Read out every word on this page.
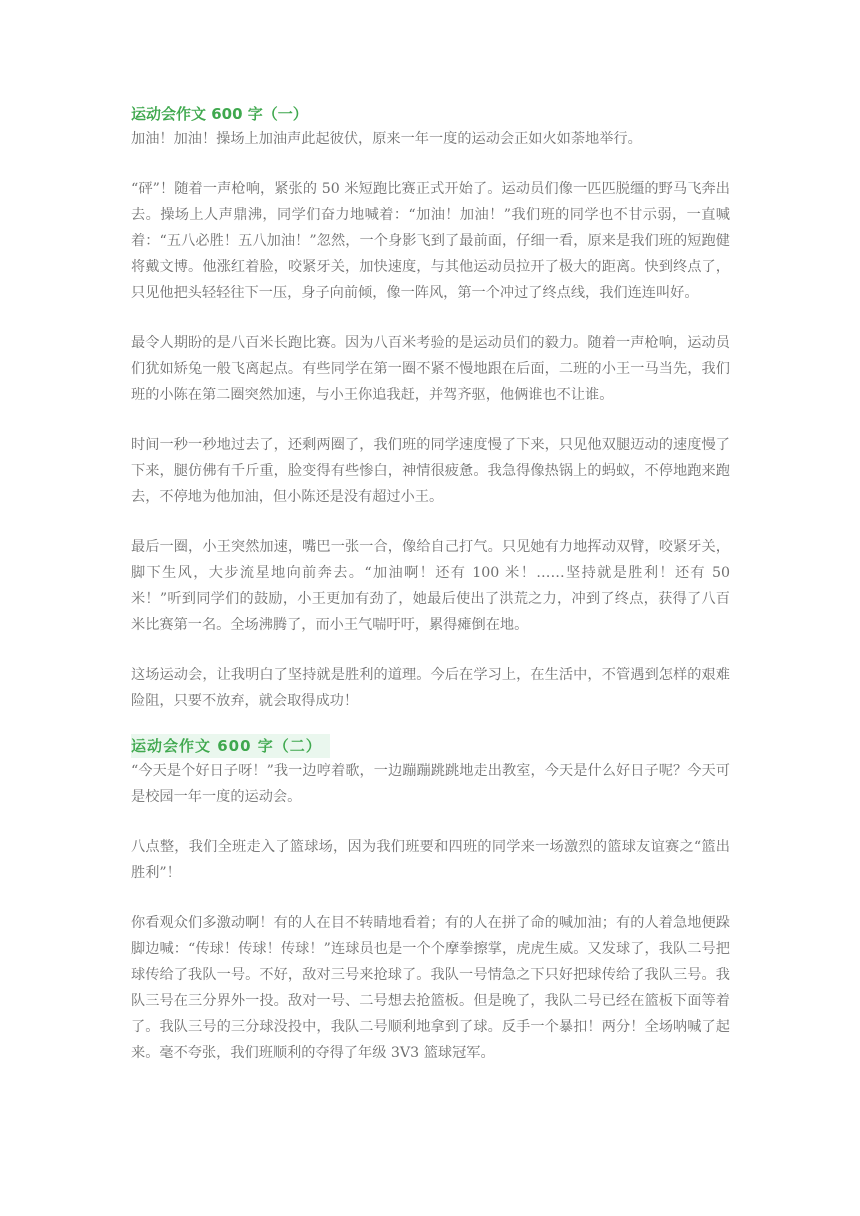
运动会作文 600 字（一）

加油！加油！操场上加油声此起彼伏，原来一年一度的运动会正如火如荼地举行。

“砰”！随着一声枪响，紧张的 50 米短跑比赛正式开始了。运动员们像一匹匹脱缰的野马飞奔出去。操场上人声鼎沸，同学们奋力地喊着：“加油！加油！”我们班的同学也不甘示弱，一直喊着：“五八必胜！五八加油！”忽然，一个身影飞到了最前面，仔细一看，原来是我们班的短跑健将戴文博。他涨红着脸，咬紧牙关，加快速度，与其他运动员拉开了极大的距离。快到终点了，只见他把头轻轻往下一压，身子向前倾，像一阵风，第一个冲过了终点线，我们连连叫好。

最令人期盼的是八百米长跑比赛。因为八百米考验的是运动员们的毅力。随着一声枪响，运动员们犹如矫兔一般飞离起点。有些同学在第一圈不紧不慢地跟在后面，二班的小王一马当先，我们班的小陈在第二圈突然加速，与小王你追我赶，并驾齐驱，他俩谁也不让谁。

时间一秒一秒地过去了，还剩两圈了，我们班的同学速度慢了下来，只见他双腿迈动的速度慢了下来，腿仿佛有千斤重，脸变得有些惨白，神情很疲惫。我急得像热锅上的蚂蚁，不停地跑来跑去，不停地为他加油，但小陈还是没有超过小王。

最后一圈，小王突然加速，嘴巴一张一合，像给自己打气。只见她有力地挥动双臂，咬紧牙关，脚下生风，大步流星地向前奔去。“加油啊！还有 100 米！……坚持就是胜利！还有 50 米！”听到同学们的鼓励，小王更加有劲了，她最后使出了洪荒之力，冲到了终点，获得了八百米比赛第一名。全场沸腾了，而小王气喘吁吁，累得瘫倒在地。

这场运动会，让我明白了坚持就是胜利的道理。今后在学习上，在生活中，不管遇到怎样的艰难险阻，只要不放弃，就会取得成功！

运动会作文 600 字（二）

“今天是个好日子呀！”我一边哼着歌，一边蹦蹦跳跳地走出教室，今天是什么好日子呢？今天可是校园一年一度的运动会。

八点整，我们全班走入了篮球场，因为我们班要和四班的同学来一场激烈的篮球友谊赛之“篮出胜利”！

你看观众们多激动啊！有的人在目不转睛地看着；有的人在拼了命的喊加油；有的人着急地便跺脚边喊：“传球！传球！传球！”连球员也是一个个摩拳擦掌，虎虎生威。又发球了，我队二号把球传给了我队一号。不好，敌对三号来抢球了。我队一号情急之下只好把球传给了我队三号。我队三号在三分界外一投。敌对一号、二号想去抢篮板。但是晚了，我队二号已经在篮板下面等着了。我队三号的三分球没投中，我队二号顺利地拿到了球。反手一个暴扣！两分！全场呐喊了起来。毫不夸张，我们班顺利的夺得了年级 3V3 篮球冠军。
